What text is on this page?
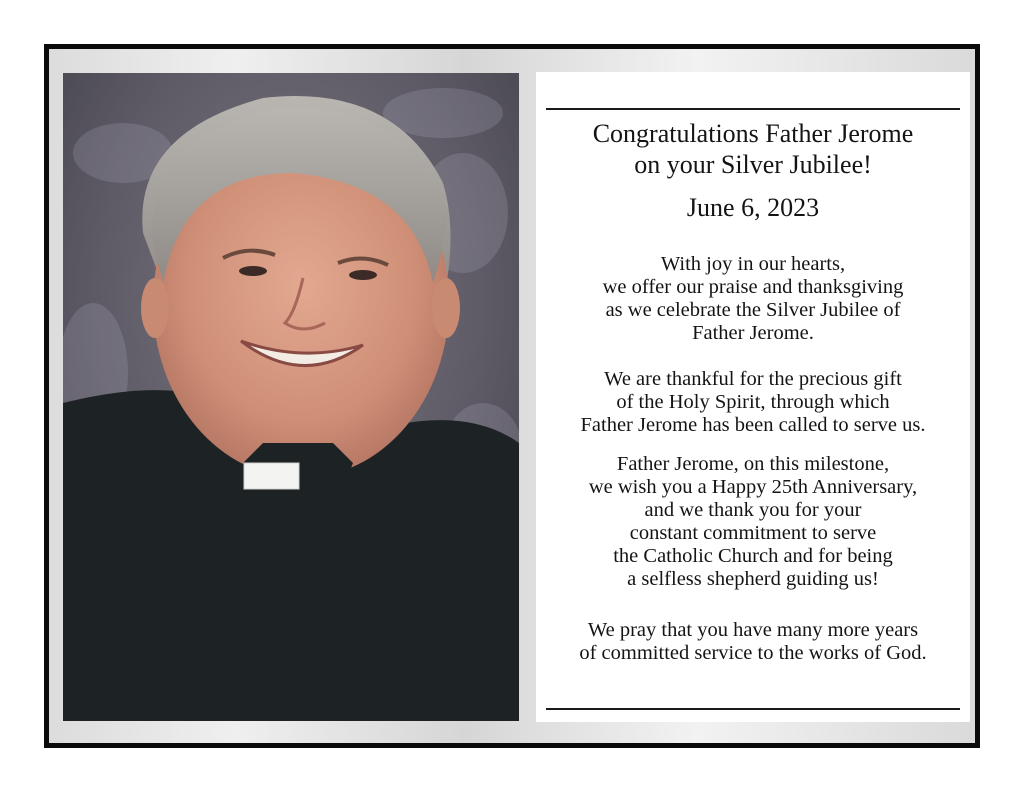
Congratulations Father Jerome
on your Silver Jubilee!
June 6, 2023
With joy in our hearts,
we offer our praise and thanksgiving
as we celebrate the Silver Jubilee of
Father Jerome.
We are thankful for the precious gift
of the Holy Spirit, through which
Father Jerome has been called to serve us.
Father Jerome, on this milestone,
we wish you a Happy 25th Anniversary,
and we thank you for your
constant commitment to serve
the Catholic Church and for being
a selfless shepherd guiding us!
We pray that you have many more years
of committed service to the works of God.
